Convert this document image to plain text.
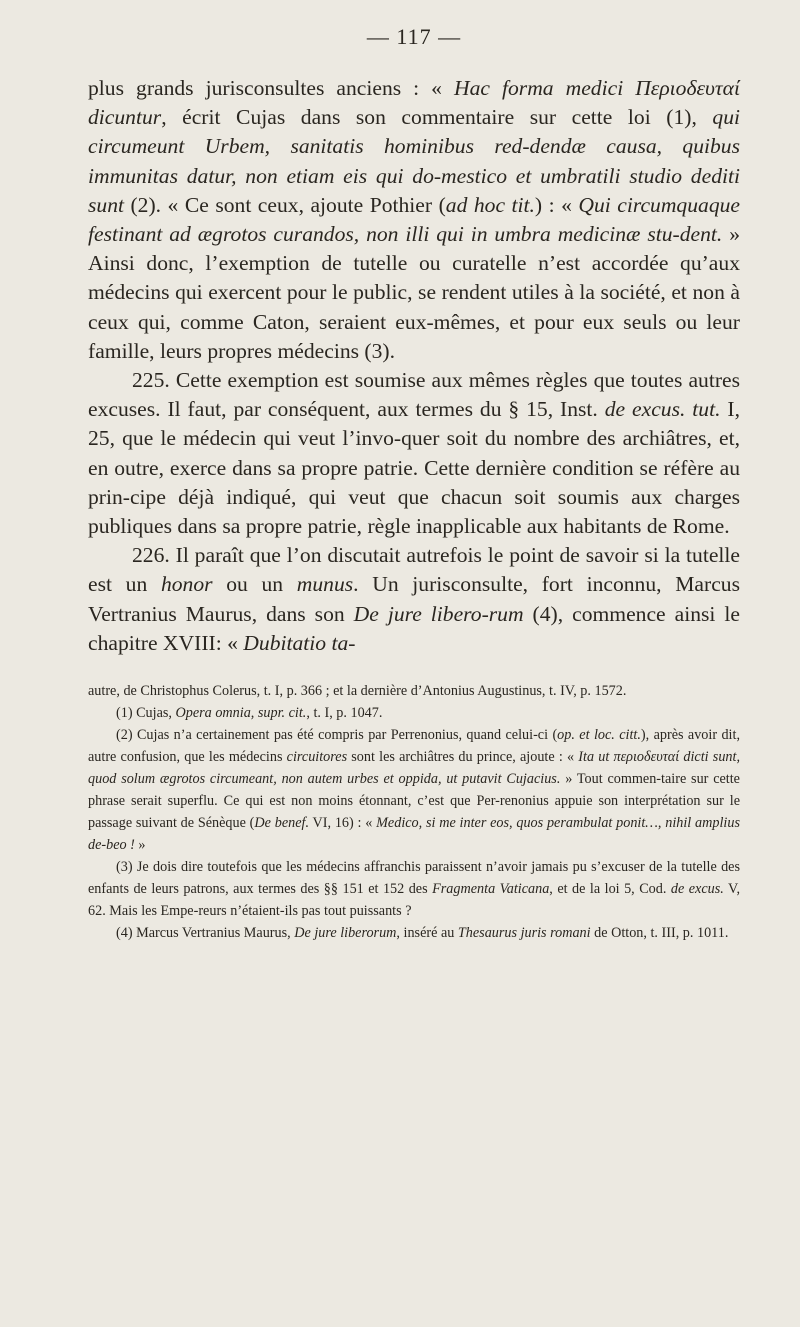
— 117 —

plus grands jurisconsultes anciens : « Hac forma medici Περιοδευταί dicuntur, écrit Cujas dans son commentaire sur cette loi (1), qui circumeunt Urbem, sanitatis hominibus red-dendæ causa, quibus immunitas datur, non etiam eis qui do-mestico et umbratili studio dediti sunt (2). « Ce sont ceux, ajoute Pothier (ad hoc tit.) : « Qui circumquaque festinant ad ægrotos curandos, non illi qui in umbra medicinæ stu-dent. » Ainsi donc, l’exemption de tutelle ou curatelle n’est accordée qu’aux médecins qui exercent pour le public, se rendent utiles à la société, et non à ceux qui, comme Caton, seraient eux-mêmes, et pour eux seuls ou leur famille, leurs propres médecins (3).

225. Cette exemption est soumise aux mêmes règles que toutes autres excuses. Il faut, par conséquent, aux termes du § 15, Inst. de excus. tut. I, 25, que le médecin qui veut l’invo-quer soit du nombre des archiâtres, et, en outre, exerce dans sa propre patrie. Cette dernière condition se réfère au prin-cipe déjà indiqué, qui veut que chacun soit soumis aux charges publiques dans sa propre patrie, règle inapplicable aux habitants de Rome.

226. Il paraît que l’on discutait autrefois le point de savoir si la tutelle est un honor ou un munus. Un jurisconsulte, fort inconnu, Marcus Vertranius Maurus, dans son De jure libero-rum (4), commence ainsi le chapitre XVIII: « Dubitatio ta-

autre, de Christophus Colerus, t. I, p. 366 ; et la dernière d’Antonius Augustinus, t. IV, p. 1572.

(1) Cujas, Opera omnia, supr. cit., t. I, p. 1047.

(2) Cujas n’a certainement pas été compris par Perrenonius, quand celui-ci (op. et loc. citt.), après avoir dit, autre confusion, que les médecins circuitores sont les archiâtres du prince, ajoute : « Ita ut περιοδευταί dicti sunt, quod solum ægrotos circumeant, non autem urbes et oppida, ut putavit Cujacius. » Tout commen-taire sur cette phrase serait superflu. Ce qui est non moins étonnant, c’est que Per-renonius appuie son interprétation sur le passage suivant de Sénèque (De benef. VI, 16) : « Medico, si me inter eos, quos perambulat ponit…, nihil amplius de-beo ! »

(3) Je dois dire toutefois que les médecins affranchis paraissent n’avoir jamais pu s’excuser de la tutelle des enfants de leurs patrons, aux termes des §§ 151 et 152 des Fragmenta Vaticana, et de la loi 5, Cod. de excus. V, 62. Mais les Empe-reurs n’étaient-ils pas tout puissants ?

(4) Marcus Vertranius Maurus, De jure liberorum, inséré au Thesaurus juris romani de Otton, t. III, p. 1011.
